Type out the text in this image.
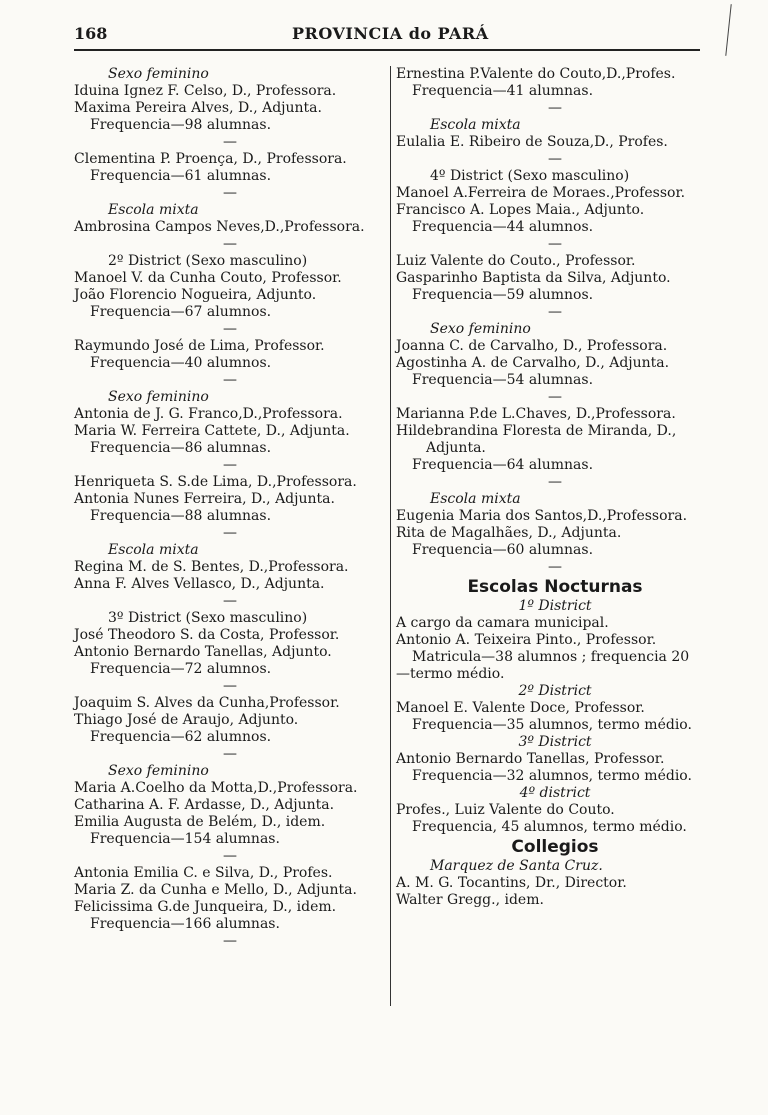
168	PROVINCIA do PARÁ
Sexo feminino
Iduina Ignez F. Celso, D., Professora.
Maxima Pereira Alves, D., Adjunta.
Frequencia—98 alumnas.
—
Clementina P. Proença, D., Professora.
Frequencia—61 alumnas.
—
Escola mixta
Ambrosina Campos Neves,D.,Professora.
—
2º District (Sexo masculino)
Manoel V. da Cunha Couto, Professor.
João Florencio Nogueira, Adjunto.
Frequencia—67 alumnos.
—
Raymundo José de Lima, Professor.
Frequencia—40 alumnos.
—
Sexo feminino
Antonia de J. G. Franco,D.,Professora.
Maria W. Ferreira Cattete, D., Adjunta.
Frequencia—86 alumnas.
—
Henriqueta S. S.de Lima, D.,Professora.
Antonia Nunes Ferreira, D., Adjunta.
Frequencia—88 alumnas.
—
Escola mixta
Regina M. de S. Bentes, D.,Professora.
Anna F. Alves Vellasco, D., Adjunta.
—
3º District (Sexo masculino)
José Theodoro S. da Costa, Professor.
Antonio Bernardo Tanellas, Adjunto.
Frequencia—72 alumnos.
—
Joaquim S. Alves da Cunha,Professor.
Thiago José de Araujo, Adjunto.
Frequencia—62 alumnos.
—
Sexo feminino
Maria A.Coelho da Motta,D.,Professora.
Catharina A. F. Ardasse, D., Adjunta.
Emilia Augusta de Belém, D., idem.
Frequencia—154 alumnas.
—
Antonia Emilia C. e Silva, D., Profes.
Maria Z. da Cunha e Mello, D., Adjunta.
Felicissima G.de Junqueira, D., idem.
Frequencia—166 alumnas.
—
Ernestina P.Valente do Couto,D.,Profes.
Frequencia—41 alumnas.
—
Escola mixta
Eulalia E. Ribeiro de Souza,D., Profes.
—
4º District (Sexo masculino)
Manoel A.Ferreira de Moraes.,Professor.
Francisco A. Lopes Maia., Adjunto.
Frequencia—44 alumnos.
—
Luiz Valente do Couto., Professor.
Gasparinho Baptista da Silva, Adjunto.
Frequencia—59 alumnos.
—
Sexo feminino
Joanna C. de Carvalho, D., Professora.
Agostinha A. de Carvalho, D., Adjunta.
Frequencia—54 alumnas.
—
Marianna P.de L.Chaves, D.,Professora.
Hildebrandina Floresta de Miranda, D.,
Adjunta.
Frequencia—64 alumnas.
—
Escola mixta
Eugenia Maria dos Santos,D.,Professora.
Rita de Magalhães, D., Adjunta.
Frequencia—60 alumnas.
—
Escolas Nocturnas
1º District
A cargo da camara municipal.
Antonio A. Teixeira Pinto., Professor.
Matricula—38 alumnos ; frequencia 20
—termo médio.
2º District
Manoel E. Valente Doce, Professor.
Frequencia—35 alumnos, termo médio.
3º District
Antonio Bernardo Tanellas, Professor.
Frequencia—32 alumnos, termo médio.
4º district
Profes., Luiz Valente do Couto.
Frequencia, 45 alumnos, termo médio.
Collegios
Marquez de Santa Cruz.
A. M. G. Tocantins, Dr., Director.
Walter Gregg., idem.
